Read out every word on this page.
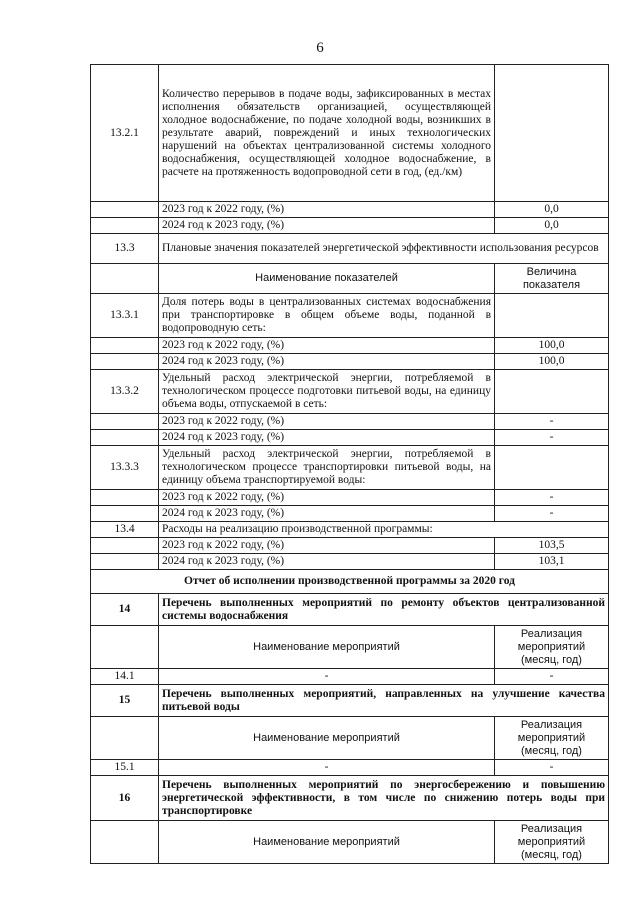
6
13.2.1	Количество перерывов в подаче воды, зафиксированных в местах исполнения обязательств организацией, осуществляющей холодное водоснабжение, по подаче холодной воды, возникших в результате аварий, повреждений и иных технологических нарушений на объектах централизованной системы холодного водоснабжения, осуществляющей холодное водоснабжение, в расчете на протяженность водопроводной сети в год, (ед./км)	
	2023 год к 2022 году, (%)	0,0
	2024 год к 2023 году, (%)	0,0
13.3	Плановые значения показателей энергетической эффективности использования ресурсов	
	Наименование показателей	Величина показателя
13.3.1	Доля потерь воды в централизованных системах водоснабжения при транспортировке в общем объеме воды, поданной в водопроводную сеть:	
	2023 год к 2022 году, (%)	100,0
	2024 год к 2023 году, (%)	100,0
13.3.2	Удельный расход электрической энергии, потребляемой в технологическом процессе подготовки питьевой воды, на единицу объема воды, отпускаемой в сеть:	
	2023 год к 2022 году, (%)	-
	2024 год к 2023 году, (%)	-
13.3.3	Удельный расход электрической энергии, потребляемой в технологическом процессе транспортировки питьевой воды, на единицу объема транспортируемой воды:	
	2023 год к 2022 году, (%)	-
	2024 год к 2023 году, (%)	-
13.4	Расходы на реализацию производственной программы:	
	2023 год к 2022 году, (%)	103,5
	2024 год к 2023 году, (%)	103,1
Отчет об исполнении производственной программы за 2020 год		
14	Перечень выполненных мероприятий по ремонту объектов централизованной системы водоснабжения	
	Наименование мероприятий	Реализация мероприятий (месяц, год)
14.1	-	-
15	Перечень выполненных мероприятий, направленных на улучшение качества питьевой воды	
	Наименование мероприятий	Реализация мероприятий (месяц, год)
15.1	-	-
16	Перечень выполненных мероприятий по энергосбережению и повышению энергетической эффективности, в том числе по снижению потерь воды при транспортировке	
	Наименование мероприятий	Реализация мероприятий (месяц, год)
